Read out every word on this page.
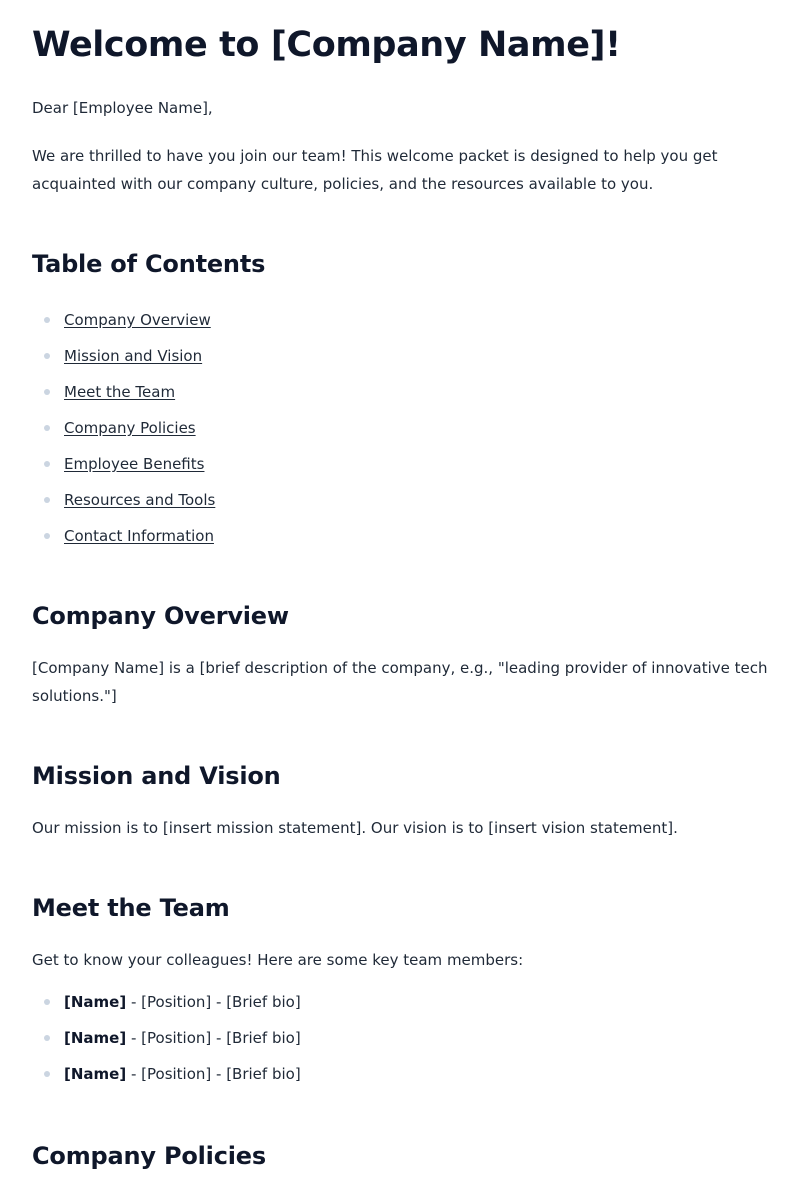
Welcome to [Company Name]!

Dear [Employee Name],

We are thrilled to have you join our team! This welcome packet is designed to help you get acquainted with our company culture, policies, and the resources available to you.

Table of Contents
Company Overview
Mission and Vision
Meet the Team
Company Policies
Employee Benefits
Resources and Tools
Contact Information
Company Overview

[Company Name] is a [brief description of the company, e.g., "leading provider of innovative tech solutions."]

Mission and Vision

Our mission is to [insert mission statement]. Our vision is to [insert vision statement].

Meet the Team

Get to know your colleagues! Here are some key team members:

[Name] - [Position] - [Brief bio]
[Name] - [Position] - [Brief bio]
[Name] - [Position] - [Brief bio]
Company Policies
